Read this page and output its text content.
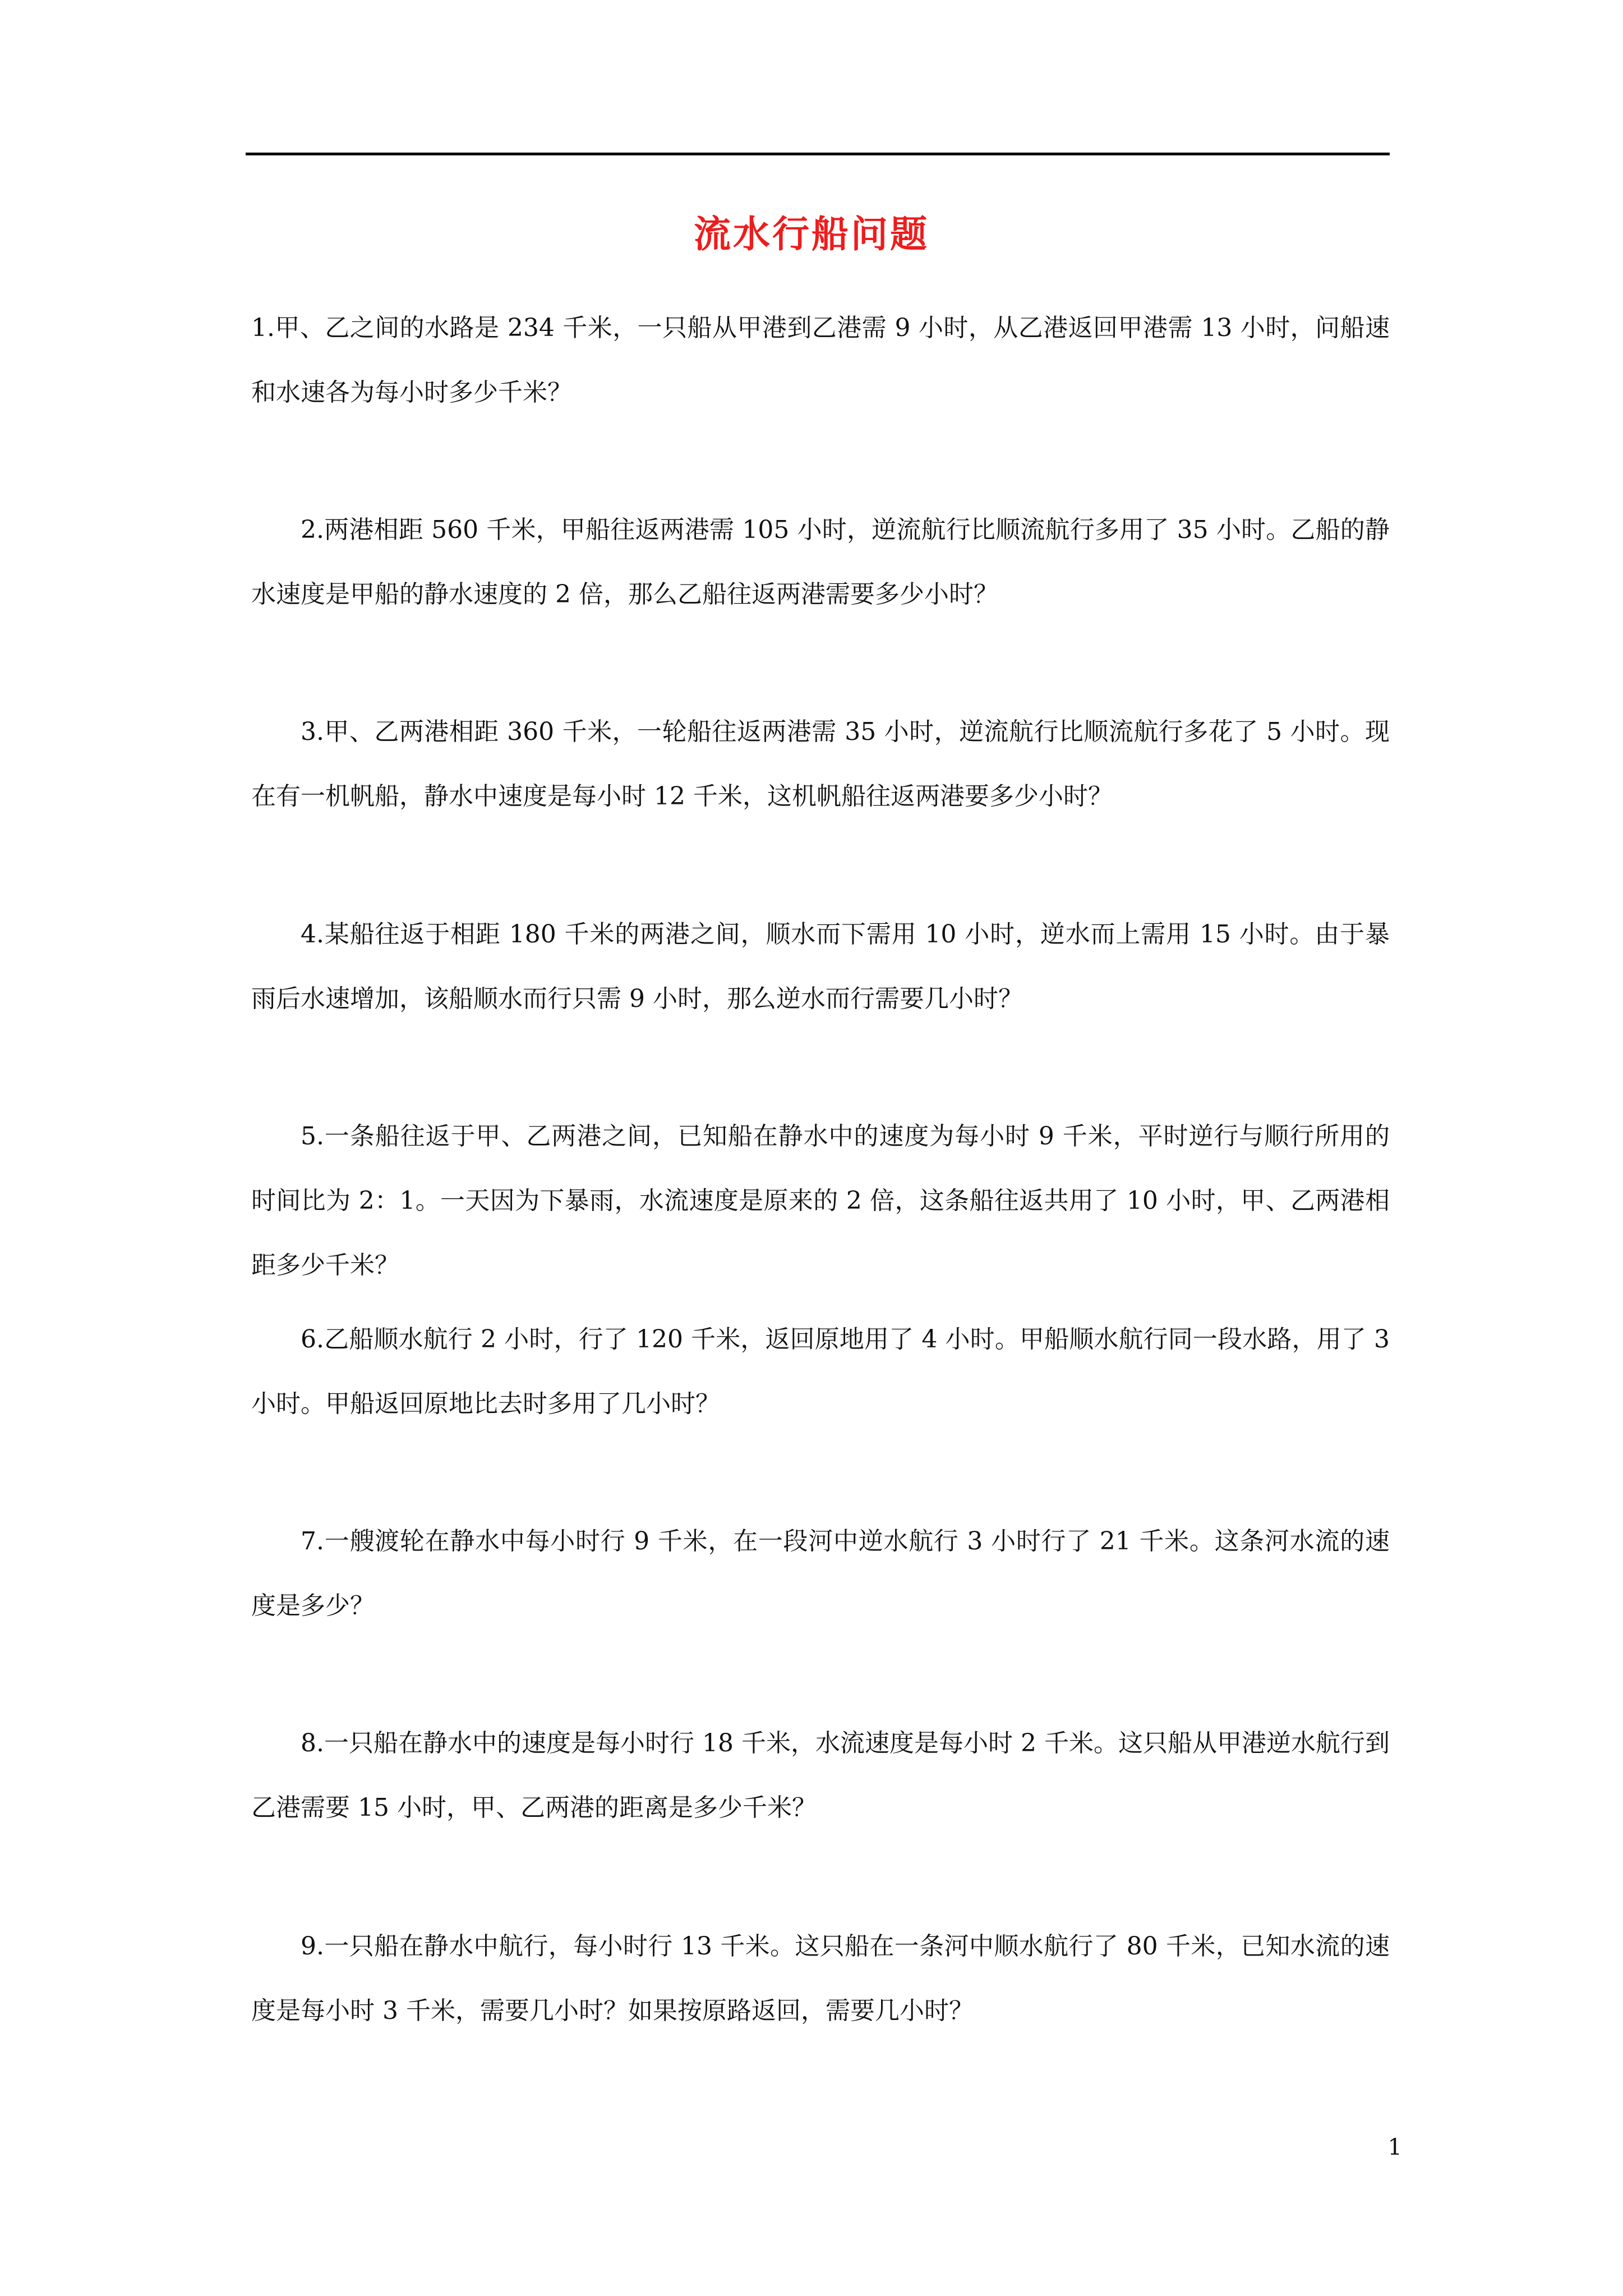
流水行船问题

1.甲、乙之间的水路是 234 千米，一只船从甲港到乙港需 9 小时，从乙港返回甲港需 13 小时，问船速和水速各为每小时多少千米？

2.两港相距 560 千米，甲船往返两港需 105 小时，逆流航行比顺流航行多用了 35 小时。乙船的静水速度是甲船的静水速度的 2 倍，那么乙船往返两港需要多少小时？

3.甲、乙两港相距 360 千米，一轮船往返两港需 35 小时，逆流航行比顺流航行多花了 5 小时。现在有一机帆船，静水中速度是每小时 12 千米，这机帆船往返两港要多少小时？

4.某船往返于相距 180 千米的两港之间，顺水而下需用 10 小时，逆水而上需用 15 小时。由于暴雨后水速增加，该船顺水而行只需 9 小时，那么逆水而行需要几小时？

5.一条船往返于甲、乙两港之间，已知船在静水中的速度为每小时 9 千米，平时逆行与顺行所用的时间比为 2：1。一天因为下暴雨，水流速度是原来的 2 倍，这条船往返共用了 10 小时，甲、乙两港相距多少千米？

6.乙船顺水航行 2 小时，行了 120 千米，返回原地用了 4 小时。甲船顺水航行同一段水路，用了 3 小时。甲船返回原地比去时多用了几小时？

7.一艘渡轮在静水中每小时行 9 千米，在一段河中逆水航行 3 小时行了 21 千米。这条河水流的速度是多少？

8.一只船在静水中的速度是每小时行 18 千米，水流速度是每小时 2 千米。这只船从甲港逆水航行到乙港需要 15 小时，甲、乙两港的距离是多少千米？

9.一只船在静水中航行，每小时行 13 千米。这只船在一条河中顺水航行了 80 千米，已知水流的速度是每小时 3 千米，需要几小时？如果按原路返回，需要几小时？

1
